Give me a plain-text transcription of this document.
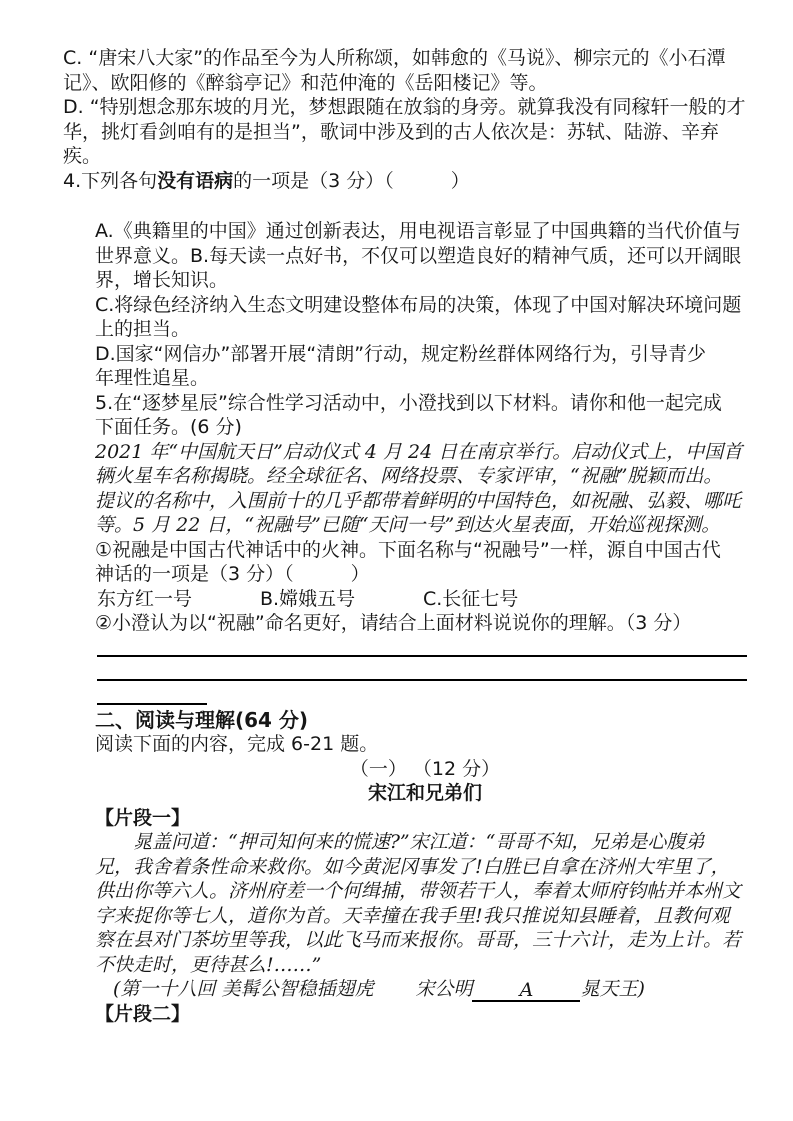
C. “唐宋八大家”的作品至今为人所称颂，如韩愈的《马说》、柳宗元的《小石潭
记》、欧阳修的《醉翁亭记》和范仲淹的《岳阳楼记》等。
D. “特别想念那东坡的月光，梦想跟随在放翁的身旁。就算我没有同稼轩一般的才
华，挑灯看剑咱有的是担当”，歌词中涉及到的古人依次是：苏轼、陆游、辛弃
疾。
4.下列各句没有语病的一项是（3 分）（　　　）
A.《典籍里的中国》通过创新表达，用电视语言彰显了中国典籍的当代价值与
世界意义。B.每天读一点好书，不仅可以塑造良好的精神气质，还可以开阔眼
界，增长知识。
C.将绿色经济纳入生态文明建设整体布局的决策，体现了中国对解决环境问题
上的担当。
D.国家“网信办”部署开展“清朗”行动，规定粉丝群体网络行为，引导青少
年理性追星。
5.在“逐梦星辰”综合性学习活动中，小澄找到以下材料。请你和他一起完成
下面任务。(6 分)
2021 年“中国航天日”启动仪式 4 月 24 日在南京举行。启动仪式上，中国首
辆火星车名称揭晓。经全球征名、网络投票、专家评审，“祝融”脱颖而出。
提议的名称中，入围前十的几乎都带着鲜明的中国特色，如祝融、弘毅、哪吒
等。5 月 22 日，“祝融号”已随“天问一号”到达火星表面，开始巡视探测。
①祝融是中国古代神话中的火神。下面名称与“祝融号”一样，源自中国古代
神话的一项是（3 分）（　　　）
东方红一号	B.嫦娥五号	C.长征七号
②小澄认为以“祝融”命名更好，请结合上面材料说说你的理解。（3 分）
二、阅读与理解(64 分)
阅读下面的内容，完成 6-21 题。
（一） （12 分）
宋江和兄弟们
【片段一】
晁盖问道：“押司知何来的慌速?”宋江道：“哥哥不知，兄弟是心腹弟
兄，我舍着条性命来救你。如今黄泥冈事发了!白胜已自拿在济州大牢里了，
供出你等六人。济州府差一个何缉捕，带领若干人，奉着太师府钧帖并本州文
字来捉你等七人，道你为首。天幸撞在我手里!我只推说知县睡着，且教何观
察在县对门茶坊里等我，以此飞马而来报你。哥哥，三十六计，走为上计。若
不快走时，更待甚么!……”
(第一十八回 美髯公智稳插翅虎 宋公明 A 晁天王)
【片段二】
